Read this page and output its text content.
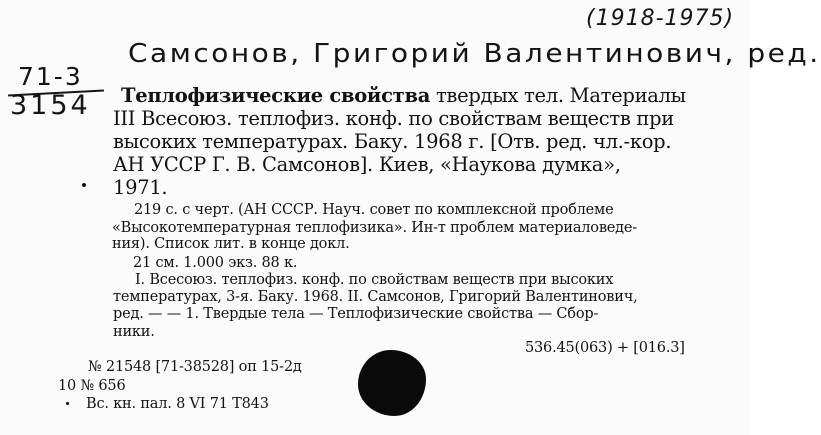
(1918-1975)
Самсонов, Григорий Валентинович, ред.
71-3
3154 Теплофизические свойства твердых тел. Материалы
III Всесоюз. теплофиз. конф. по свойствам веществ при
высоких температурах. Баку. 1968 г. [Отв. ред. чл.-кор.
АН УССР Г. В. Самсонов]. Киев, «Наукова думка»,
1971.
219 с. с черт. (АН СССР. Науч. совет по комплексной проблеме
«Высокотемпературная теплофизика». Ин-т проблем материаловеде-
ния). Список лит. в конце докл.
21 см. 1.000 экз. 88 к.
I. Всесоюз. теплофиз. конф. по свойствам веществ при высоких
температурах, 3-я. Баку. 1968. II. Самсонов, Григорий Валентинович,
ред. — — 1. Твердые тела — Теплофизические свойства — Сбор-
ники.
536.45(063) + [016.3]
№ 21548 [71-38528] оп 15-2д
10 № 656
Вс. кн. пал. 8 VI 71 Т843
